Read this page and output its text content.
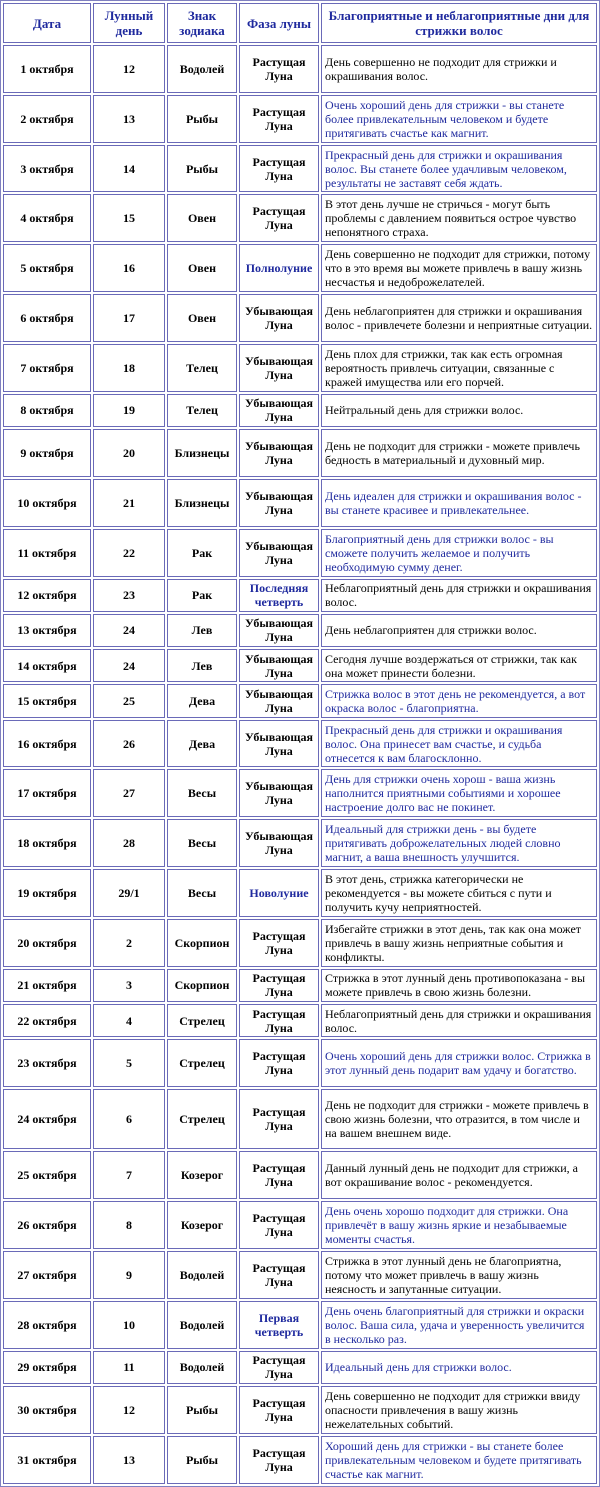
Дата	Лунный день	Знак зодиака	Фаза луны	Благоприятные и неблагоприятные дни для стрижки волос
1 октября	12	Водолей	Растущая Луна	День совершенно не подходит для стрижки и окрашивания волос.
2 октября	13	Рыбы	Растущая Луна	Очень хороший день для стрижки - вы станете более привлекательным человеком и будете притягивать счастье как магнит.
3 октября	14	Рыбы	Растущая Луна	Прекрасный день для стрижки и окрашивания волос. Вы станете более удачливым человеком, результаты не заставят себя ждать.
4 октября	15	Овен	Растущая Луна	В этот день лучше не стричься - могут быть проблемы с давлением появиться острое чувство непонятного страха.
5 октября	16	Овен	Полнолуние	День совершенно не подходит для стрижки, потому что в это время вы можете привлечь в вашу жизнь несчастья и недоброжелателей.
6 октября	17	Овен	Убывающая Луна	День неблагоприятен для стрижки и окрашивания волос - привлечете болезни и неприятные ситуации.
7 октября	18	Телец	Убывающая Луна	День плох для стрижки, так как есть огромная вероятность привлечь ситуации, связанные с кражей имущества или его порчей.
8 октября	19	Телец	Убывающая Луна	Нейтральный день для стрижки волос.
9 октября	20	Близнецы	Убывающая Луна	День не подходит для стрижки - можете привлечь бедность в материальный и духовный мир.
10 октября	21	Близнецы	Убывающая Луна	День идеален для стрижки и окрашивания волос - вы станете красивее и привлекательнее.
11 октября	22	Рак	Убывающая Луна	Благоприятный день для стрижки волос - вы сможете получить желаемое и получить необходимую сумму денег.
12 октября	23	Рак	Последняя четверть	Неблагоприятный день для стрижки и окрашивания волос.
13 октября	24	Лев	Убывающая Луна	День неблагоприятен для стрижки волос.
14 октября	24	Лев	Убывающая Луна	Сегодня лучше воздержаться от стрижки, так как она может принести болезни.
15 октября	25	Дева	Убывающая Луна	Стрижка волос в этот день не рекомендуется, а вот окраска волос - благоприятна.
16 октября	26	Дева	Убывающая Луна	Прекрасный день для стрижки и окрашивания волос. Она принесет вам счастье, и судьба отнесется к вам благосклонно.
17 октября	27	Весы	Убывающая Луна	День для стрижки очень хорош - ваша жизнь наполнится приятными событиями и хорошее настроение долго вас не покинет.
18 октября	28	Весы	Убывающая Луна	Идеальный для стрижки день - вы будете притягивать доброжелательных людей словно магнит, а ваша внешность улучшится.
19 октября	29/1	Весы	Новолуние	В этот день, стрижка категорически не рекомендуется - вы можете сбиться с пути и получить кучу неприятностей.
20 октября	2	Скорпион	Растущая Луна	Избегайте стрижки в этот день, так как она может привлечь в вашу жизнь неприятные события и конфликты.
21 октября	3	Скорпион	Растущая Луна	Стрижка в этот лунный день противопоказана - вы можете привлечь в свою жизнь болезни.
22 октября	4	Стрелец	Растущая Луна	Неблагоприятный день для стрижки и окрашивания волос.
23 октября	5	Стрелец	Растущая Луна	Очень хороший день для стрижки волос. Стрижка в этот лунный день подарит вам удачу и богатство.
24 октября	6	Стрелец	Растущая Луна	День не подходит для стрижки - можете привлечь в свою жизнь болезни, что отразится, в том числе и на вашем внешнем виде.
25 октября	7	Козерог	Растущая Луна	Данный лунный день не подходит для стрижки, а вот окрашивание волос - рекомендуется.
26 октября	8	Козерог	Растущая Луна	День очень хорошо подходит для стрижки. Она привлечёт в вашу жизнь яркие и незабываемые моменты счастья.
27 октября	9	Водолей	Растущая Луна	Стрижка в этот лунный день не благоприятна, потому что может привлечь в вашу жизнь неясность и запутанные ситуации.
28 октября	10	Водолей	Первая четверть	День очень благоприятный для стрижки и окраски волос. Ваша сила, удача и уверенность увеличится в несколько раз.
29 октября	11	Водолей	Растущая Луна	Идеальный день для стрижки волос.
30 октября	12	Рыбы	Растущая Луна	День совершенно не подходит для стрижки ввиду опасности привлечения в вашу жизнь нежелательных событий.
31 октября	13	Рыбы	Растущая Луна	Хороший день для стрижки - вы станете более привлекательным человеком и будете притягивать счастье как магнит.
